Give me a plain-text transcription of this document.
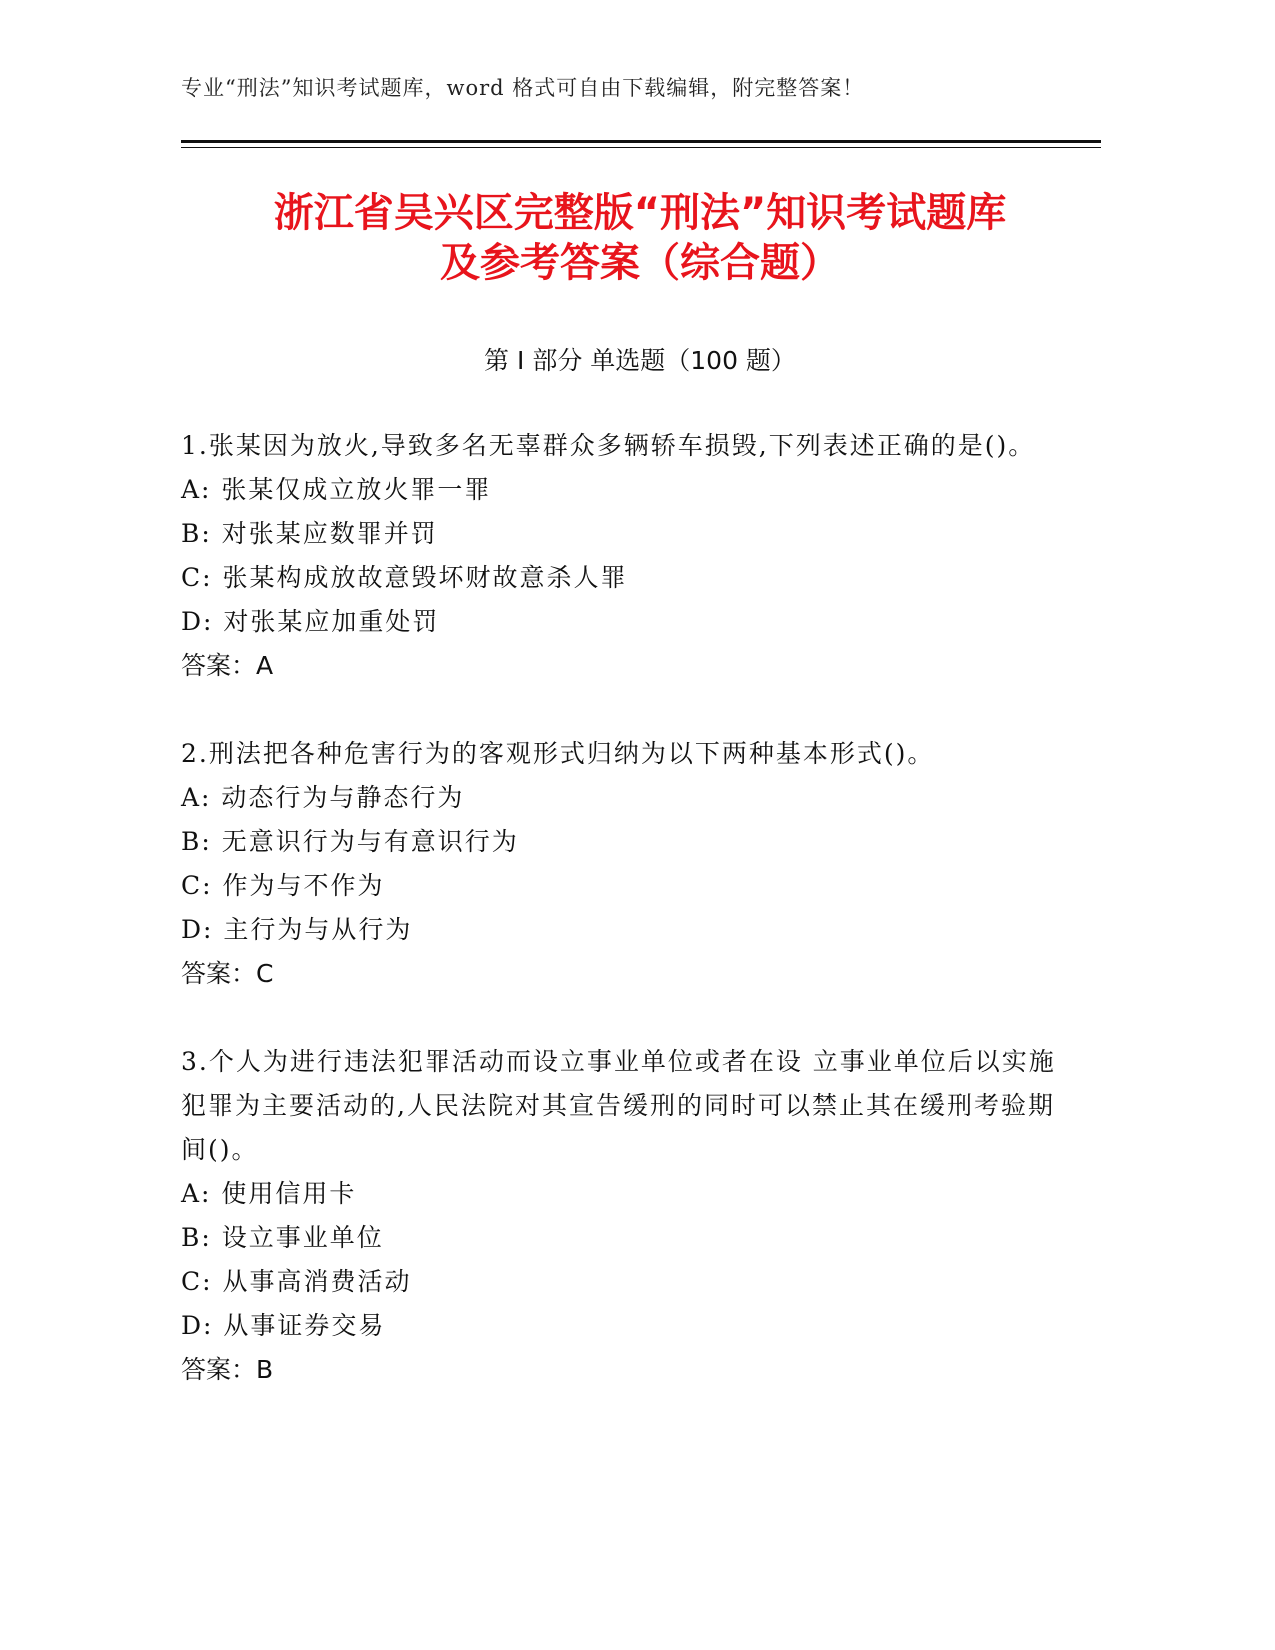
专业“刑法”知识考试题库，word 格式可自由下载编辑，附完整答案！
浙江省吴兴区完整版“刑法”知识考试题库
及参考答案（综合题）
第 I 部分 单选题（100 题）
1.张某因为放火,导致多名无辜群众多辆轿车损毁,下列表述正确的是()。
A: 张某仅成立放火罪一罪
B: 对张某应数罪并罚
C: 张某构成放故意毁坏财故意杀人罪
D: 对张某应加重处罚
答案：A
2.刑法把各种危害行为的客观形式归纳为以下两种基本形式()。
A: 动态行为与静态行为
B: 无意识行为与有意识行为
C: 作为与不作为
D: 主行为与从行为
答案：C
3.个人为进行违法犯罪活动而设立事业单位或者在设 立事业单位后以实施犯罪为主要活动的,人民法院对其宣告缓刑的同时可以禁止其在缓刑考验期间()。
A: 使用信用卡
B: 设立事业单位
C: 从事高消费活动
D: 从事证券交易
答案：B
